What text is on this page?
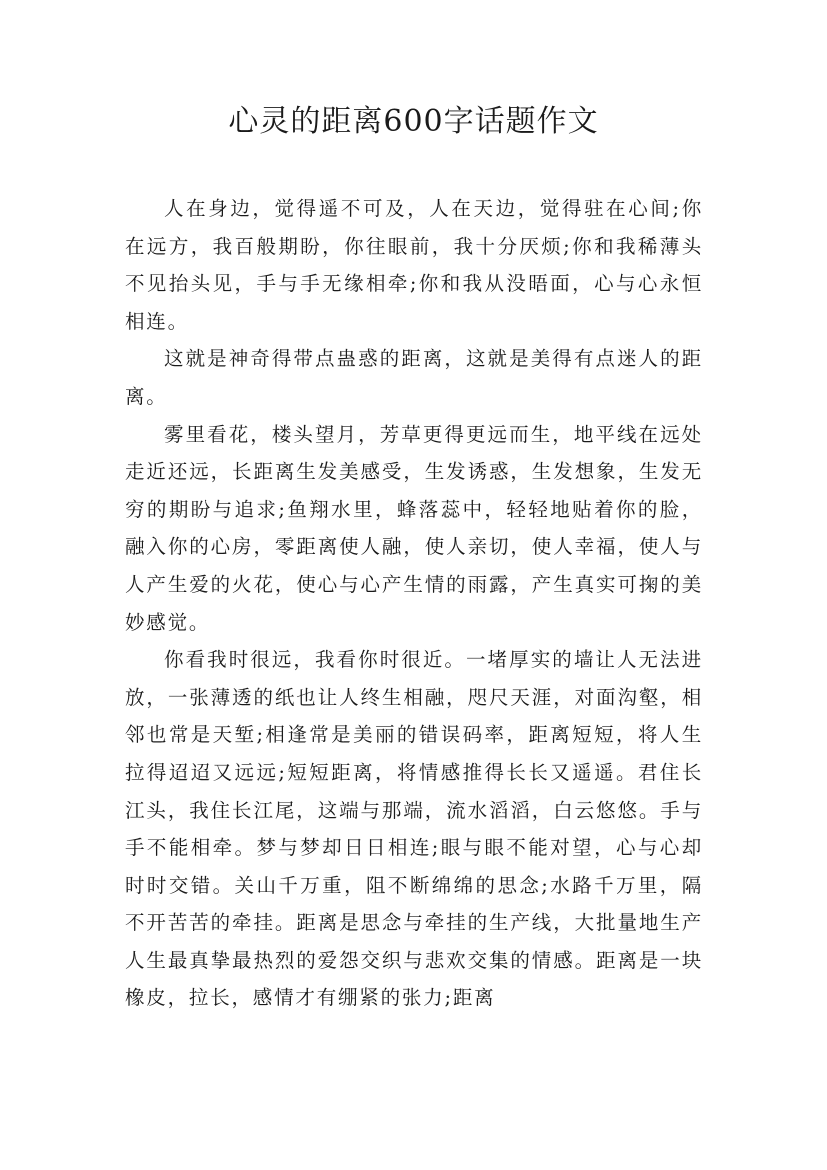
心灵的距离600字话题作文

人在身边，觉得遥不可及，人在天边，觉得驻在心间;你在远方，我百般期盼，你往眼前，我十分厌烦;你和我稀薄头不见抬头见，手与手无缘相牵;你和我从没晤面，心与心永恒相连。

这就是神奇得带点蛊惑的距离，这就是美得有点迷人的距离。

雾里看花，楼头望月，芳草更得更远而生，地平线在远处走近还远，长距离生发美感受，生发诱惑，生发想象，生发无穷的期盼与追求;鱼翔水里，蜂落蕊中，轻轻地贴着你的脸，融入你的心房，零距离使人融，使人亲切，使人幸福，使人与人产生爱的火花，使心与心产生情的雨露，产生真实可掬的美妙感觉。

你看我时很远，我看你时很近。一堵厚实的墙让人无法进放，一张薄透的纸也让人终生相融，咫尺天涯，对面沟壑，相邻也常是天堑;相逢常是美丽的错误码率，距离短短，将人生拉得迢迢又远远;短短距离，将情感推得长长又遥遥。君住长江头，我住长江尾，这端与那端，流水滔滔，白云悠悠。手与手不能相牵。梦与梦却日日相连;眼与眼不能对望，心与心却时时交错。关山千万重，阻不断绵绵的思念;水路千万里，隔不开苦苦的牵挂。距离是思念与牵挂的生产线，大批量地生产人生最真挚最热烈的爱怨交织与悲欢交集的情感。距离是一块橡皮，拉长，感情才有绷紧的张力;距离
